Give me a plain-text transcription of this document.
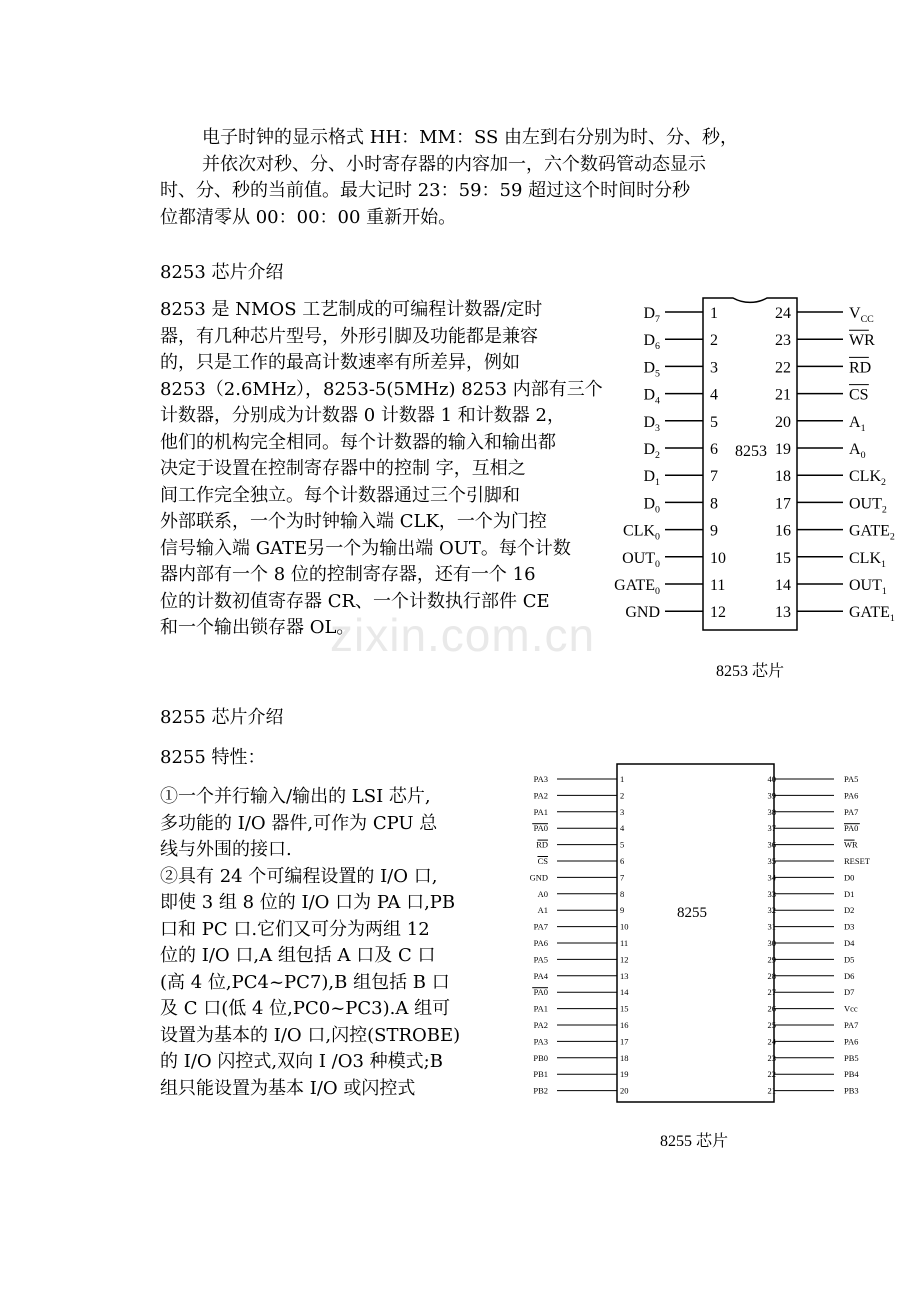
电子时钟的显示格式 HH：MM：SS 由左到右分别为时、分、秒，
并依次对秒、分、小时寄存器的内容加一，六个数码管动态显示
时、分、秒的当前值。最大记时 23：59：59 超过这个时间时分秒
位都清零从 00：00：00 重新开始。
8253 芯片介绍
8253 是 NMOS 工艺制成的可编程计数器/定时
器，有几种芯片型号，外形引脚及功能都是兼容
的，只是工作的最高计数速率有所差异，例如
8253（2.6MHz），8253-5(5MHz) 8253 内部有三个
计数器，分别成为计数器 0 计数器 1 和计数器 2，
他们的机构完全相同。每个计数器的输入和输出都
决定于设置在控制寄存器中的控制 字，互相之
间工作完全独立。每个计数器通过三个引脚和
外部联系，一个为时钟输入端 CLK，一个为门控
信号输入端 GATE另一个为输出端 OUT。每个计数
器内部有一个 8 位的控制寄存器，还有一个 16
位的计数初值寄存器 CR、一个计数执行部件 CE
和一个输出锁存器 OL。
8253
$D_7$	1
$D_6$	2
$D_5$	3
$D_4$	4
$D_3$	5
$D_2$	6
$D_1$	7
$D_0$	8
$CLK_0$	9
$OUT_0$	10
$GATE_0$	11
GND	12
$V_{CC}$
24
WR
23
RD
22
CS
21
$A_1$
20
$A_0$
19
$CLK_2$
18
$OUT_2$
17
$GATE_2$
16
$CLK_1$
15
$OUT_1$
14
$GATE_1$
13
8253 芯片
zixin.com.cn
8255 芯片介绍
8255 特性：
①一个并行输入/输出的 LSI 芯片,
多功能的 I/O 器件,可作为 CPU 总
线与外围的接口.
②具有 24 个可编程设置的 I/O 口,
即使 3 组 8 位的 I/O 口为 PA 口,PB
口和 PC 口.它们又可分为两组 12
位的 I/O 口,A 组包括 A 口及 C 口
(高 4 位,PC4~PC7),B 组包括 B 口
及 C 口(低 4 位,PC0~PC3).A 组可
设置为基本的 I/O 口,闪控(STROBE)
的 I/O 闪控式,双向 I /O3 种模式;B
组只能设置为基本 I/O 或闪控式
8255
PA3	1
PA2	2
PA1	3
PA0	4
RD	5
CS	6
GND	7
A0	8
A1	9
PA7	10
PA6	11
PA5	12
PA4	13
PA0	14
PA1	15
PA2	16
PA3	17
PB0	18
PB1	19
PB2	20
PA5
40
PA6
39
PA7
38
PA0
37
WR
36
RESET
35
D0
34
D1
33
D2
32
D3
31
D4
30
D5
29
D6
28
D7
27
Vcc
26
PA7
25
PA6
24
PB5
23
PB4
22
PB3
21
8255 芯片
